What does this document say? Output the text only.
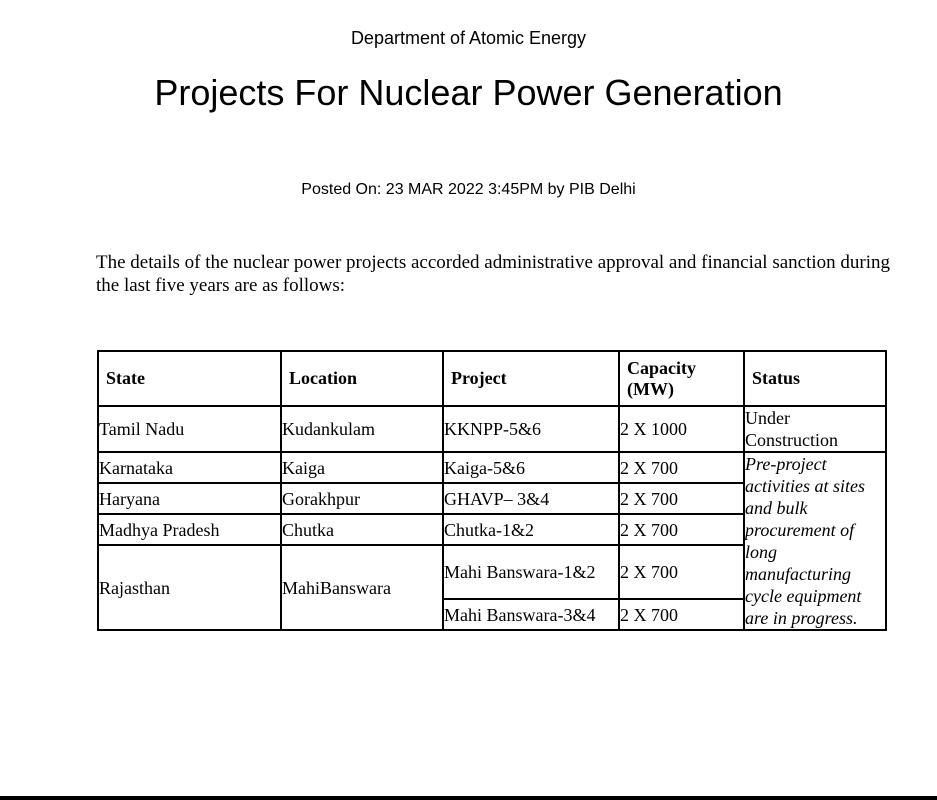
Department of Atomic Energy
Projects For Nuclear Power Generation
Posted On: 23 MAR 2022 3:45PM by PIB Delhi
The details of the nuclear power projects accorded administrative approval and financial sanction during the last five years are as follows:
State	Location	Project	Capacity (MW)	Status
Tamil Nadu	Kudankulam	KKNPP-5&6	2 X 1000	Under Construction
Karnataka	Kaiga	Kaiga-5&6	2 X 700	Pre-project activities at sites and bulk procurement of long manufacturing cycle equipment are in progress.
Haryana	Gorakhpur	GHAVP– 3&4	2 X 700	
Madhya Pradesh	Chutka	Chutka-1&2	2 X 700	
Rajasthan	MahiBanswara	Mahi Banswara-1&2	2 X 700	
		Mahi Banswara-3&4	2 X 700	
